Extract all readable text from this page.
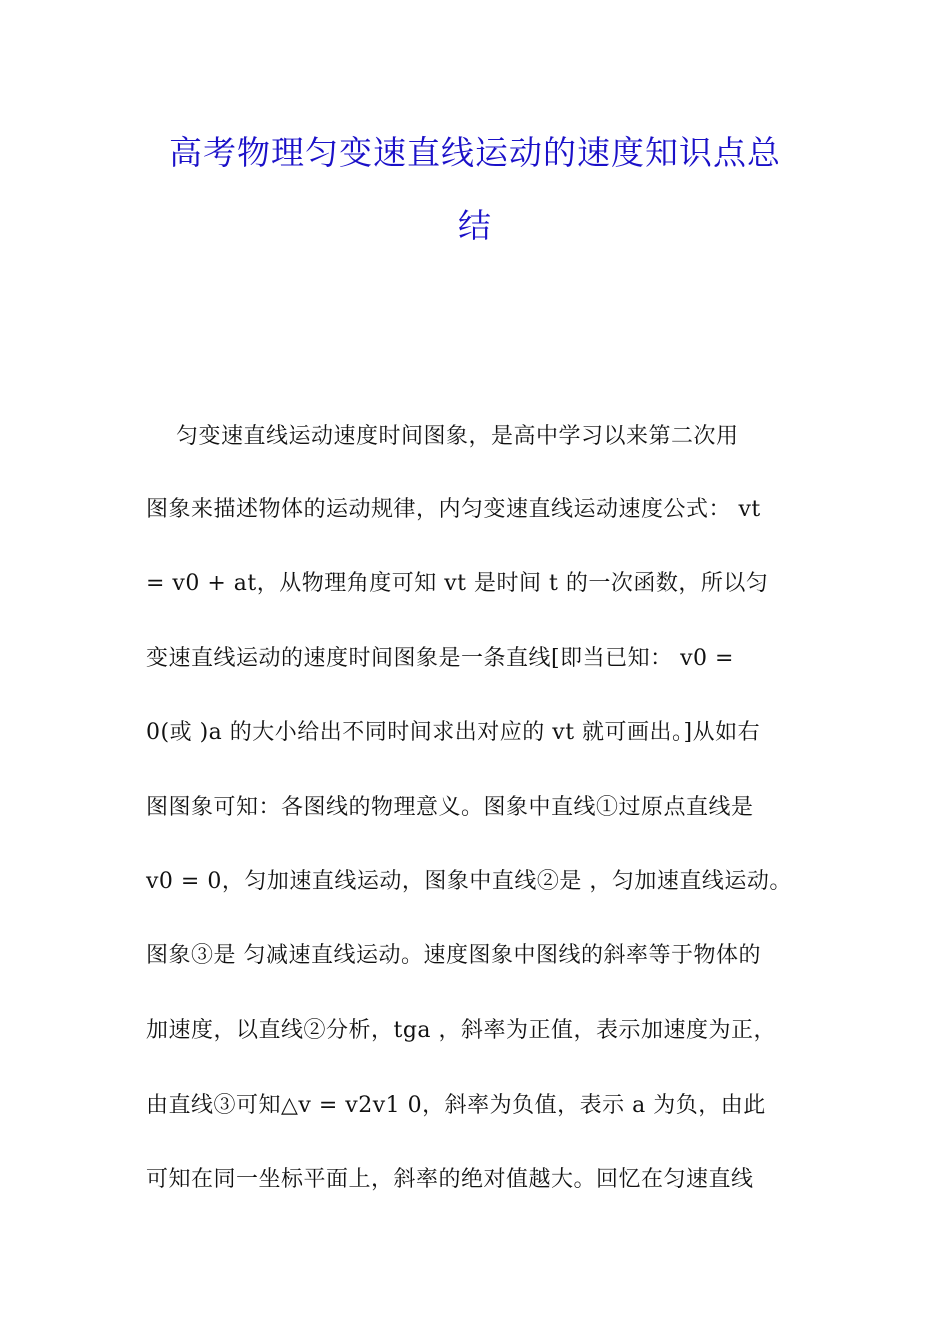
高考物理匀变速直线运动的速度知识点总
结

匀变速直线运动速度时间图象，是高中学习以来第二次用

图象来描述物体的运动规律，内匀变速直线运动速度公式： vt

= v0 + at，从物理角度可知 vt 是时间 t 的一次函数，所以匀

变速直线运动的速度时间图象是一条直线[即当已知： v0 =

0(或 )a 的大小给出不同时间求出对应的 vt 就可画出。]从如右

图图象可知：各图线的物理意义。图象中直线①过原点直线是

v0 = 0，匀加速直线运动，图象中直线②是 ，匀加速直线运动。

图象③是 匀减速直线运动。速度图象中图线的斜率等于物体的

加速度，以直线②分析，tga ，斜率为正值，表示加速度为正，

由直线③可知△v = v2v1 0，斜率为负值，表示 a 为负，由此

可知在同一坐标平面上，斜率的绝对值越大。回忆在匀速直线
